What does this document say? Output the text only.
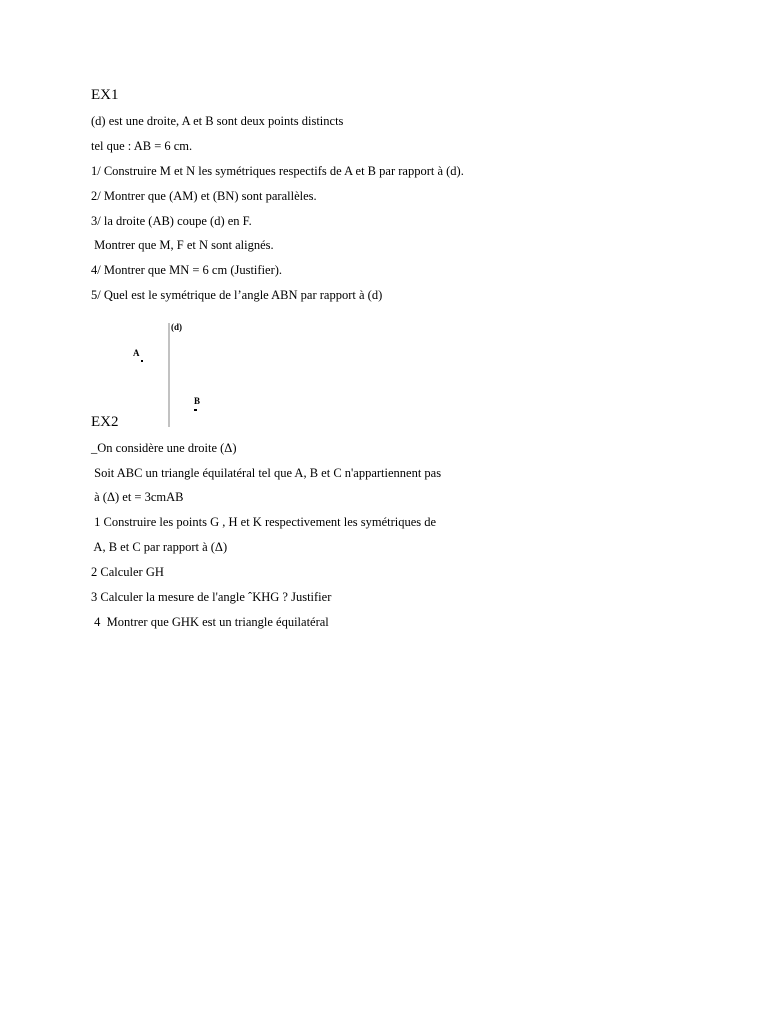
EX1
(d) est une droite, A et B sont deux points distincts
tel que : AB = 6 cm.
1/ Construire M et N les symétriques respectifs de A et B par rapport à (d).
2/ Montrer que (AM) et (BN) sont parallèles.
3/ la droite (AB) coupe (d) en F.
Montrer que M, F et N sont alignés.
4/ Montrer que MN = 6 cm (Justifier).
5/ Quel est le symétrique de l’angle ABN par rapport à (d)
(d)
A
B
EX2
_On considère une droite (Δ)
Soit ABC un triangle équilatéral tel que A, B et C n'appartiennent pas
à (Δ) et = 3cmAB
1 Construire les points G , H et K respectivement les symétriques de
A, B et C par rapport à (Δ)
2 Calculer GH
3 Calculer la mesure de l'angle ˆKHG ? Justifier
4  Montrer que GHK est un triangle équilatéral
